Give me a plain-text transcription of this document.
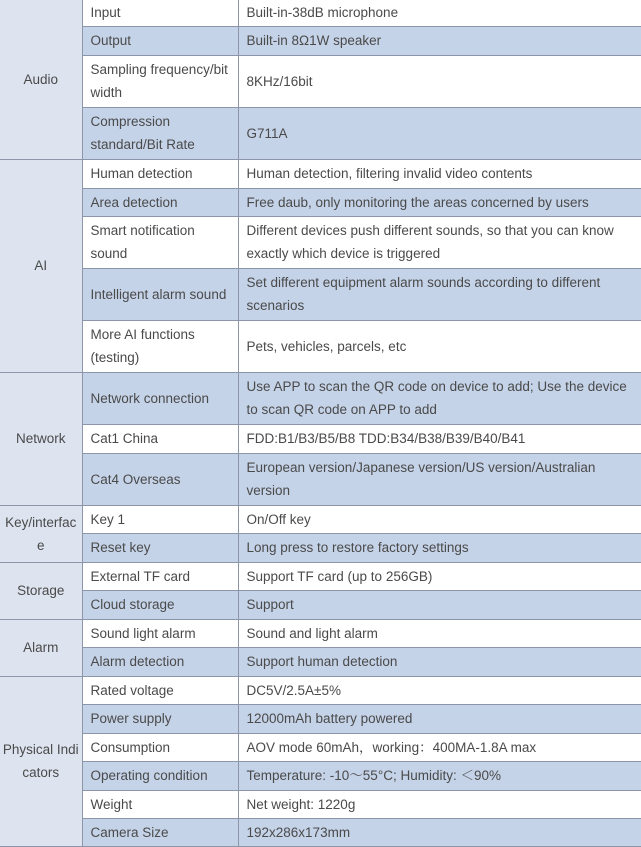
Audio	Input	Built-in-38dB microphone
	Output	Built-in 8Ω1W speaker
	Sampling frequency/bit width	8KHz/16bit
	Compression standard/Bit Rate	G711A
AI	Human detection	Human detection, filtering invalid video contents
	Area detection	Free daub, only monitoring the areas concerned by users
	Smart notification sound	Different devices push different sounds, so that you can know exactly which device is triggered
	Intelligent alarm sound	Set different equipment alarm sounds according to different scenarios
	More AI functions (testing)	Pets, vehicles, parcels, etc
Network	Network connection	Use APP to scan the QR code on device to add; Use the device to scan QR code on APP to add
	Cat1 China	FDD:B1/B3/B5/B8 TDD:B34/B38/B39/B40/B41
	Cat4 Overseas	European version/Japanese version/US version/Australian version
Key/interface	Key 1	On/Off key
	Reset key	Long press to restore factory settings
Storage	External TF card	Support TF card (up to 256GB)
	Cloud storage	Support
Alarm	Sound light alarm	Sound and light alarm
	Alarm detection	Support human detection
Physical Indicators	Rated voltage	DC5V/2.5A±5%
	Power supply	12000mAh battery powered
	Consumption	AOV mode 60mAh，working：400MA-1.8A max
	Operating condition	Temperature: -10～55°C; Humidity: ＜90%
	Weight	Net weight: 1220g
	Camera Size	192x286x173mm
